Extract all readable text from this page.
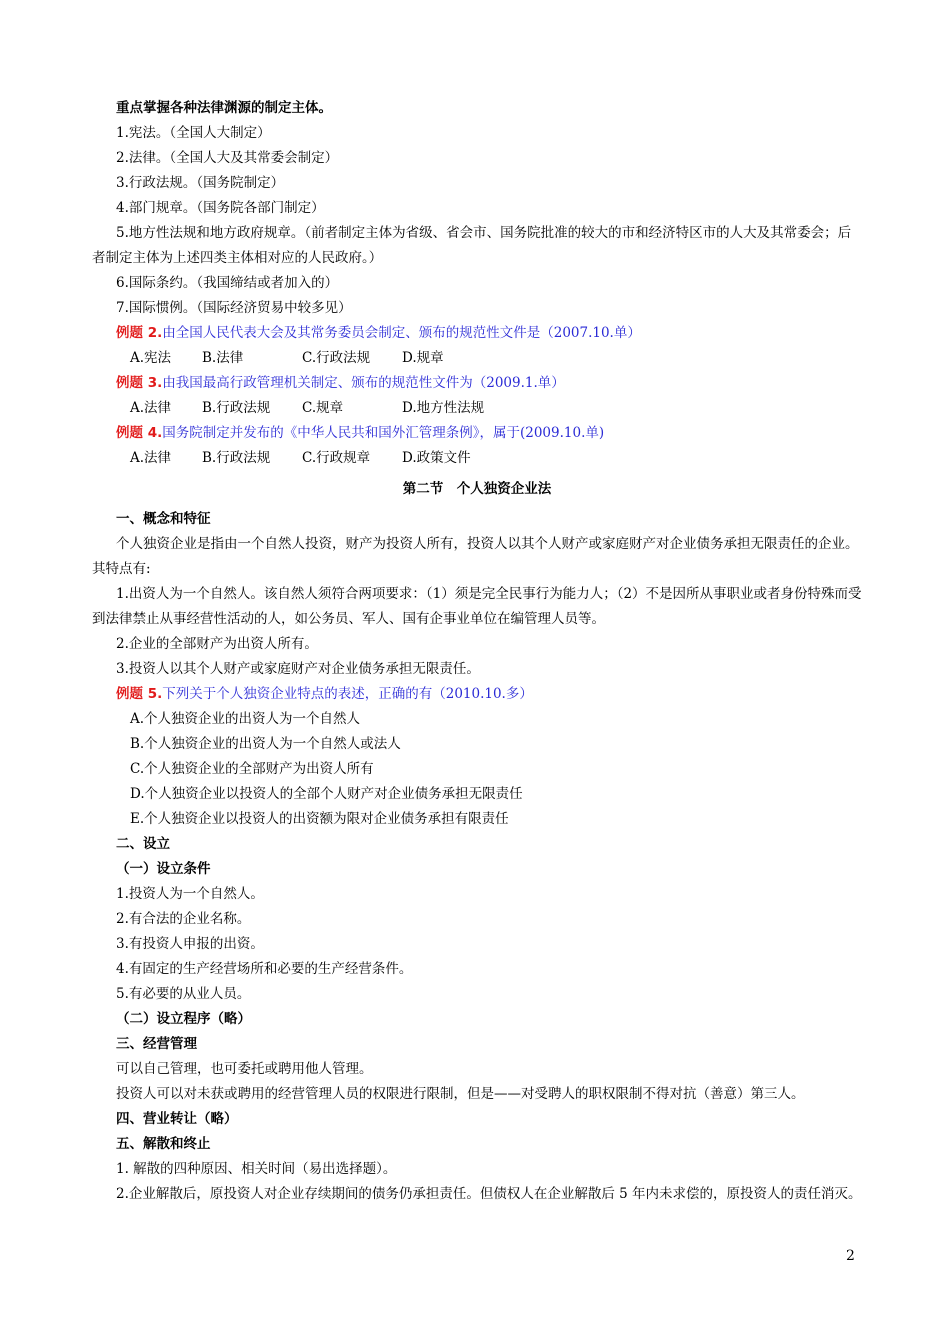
重点掌握各种法律渊源的制定主体。
1.宪法。（全国人大制定）
2.法律。（全国人大及其常委会制定）
3.行政法规。（国务院制定）
4.部门规章。（国务院各部门制定）
5.地方性法规和地方政府规章。（前者制定主体为省级、省会市、国务院批准的较大的市和经济特区市的人大及其常委会；后者制定主体为上述四类主体相对应的人民政府。）
6.国际条约。（我国缔结或者加入的）
7.国际惯例。（国际经济贸易中较多见）
例题 2.由全国人民代表大会及其常务委员会制定、颁布的规范性文件是（2007.10.单）
A.宪法 B.法律	C.行政法规 D.规章
例题 3.由我国最高行政管理机关制定、颁布的规范性文件为（2009.1.单）
A.法律 B.行政法规 C.规章	D.地方性法规
例题 4.国务院制定并发布的《中华人民共和国外汇管理条例》，属于(2009.10.单)
A.法律 B.行政法规 C.行政规章 D.政策文件
第二节　个人独资企业法
一、概念和特征
个人独资企业是指由一个自然人投资，财产为投资人所有，投资人以其个人财产或家庭财产对企业债务承担无限责任的企业。其特点有:
1.出资人为一个自然人。该自然人须符合两项要求：（1）须是完全民事行为能力人；（2）不是因所从事职业或者身份特殊而受到法律禁止从事经营性活动的人，如公务员、军人、国有企事业单位在编管理人员等。
2.企业的全部财产为出资人所有。
3.投资人以其个人财产或家庭财产对企业债务承担无限责任。
例题 5.下列关于个人独资企业特点的表述，正确的有（2010.10.多）
A.个人独资企业的出资人为一个自然人
B.个人独资企业的出资人为一个自然人或法人
C.个人独资企业的全部财产为出资人所有
D.个人独资企业以投资人的全部个人财产对企业债务承担无限责任
E.个人独资企业以投资人的出资额为限对企业债务承担有限责任
二、设立
（一）设立条件
1.投资人为一个自然人。
2.有合法的企业名称。
3.有投资人申报的出资。
4.有固定的生产经营场所和必要的生产经营条件。
5.有必要的从业人员。
（二）设立程序（略）
三、经营管理
可以自己管理，也可委托或聘用他人管理。
投资人可以对未获或聘用的经营管理人员的权限进行限制，但是——对受聘人的职权限制不得对抗（善意）第三人。
四、营业转让（略）
五、解散和终止
1. 解散的四种原因、相关时间（易出选择题）。
2.企业解散后，原投资人对企业存续期间的债务仍承担责任。但债权人在企业解散后 5 年内未求偿的，原投资人的责任消灭。
2
